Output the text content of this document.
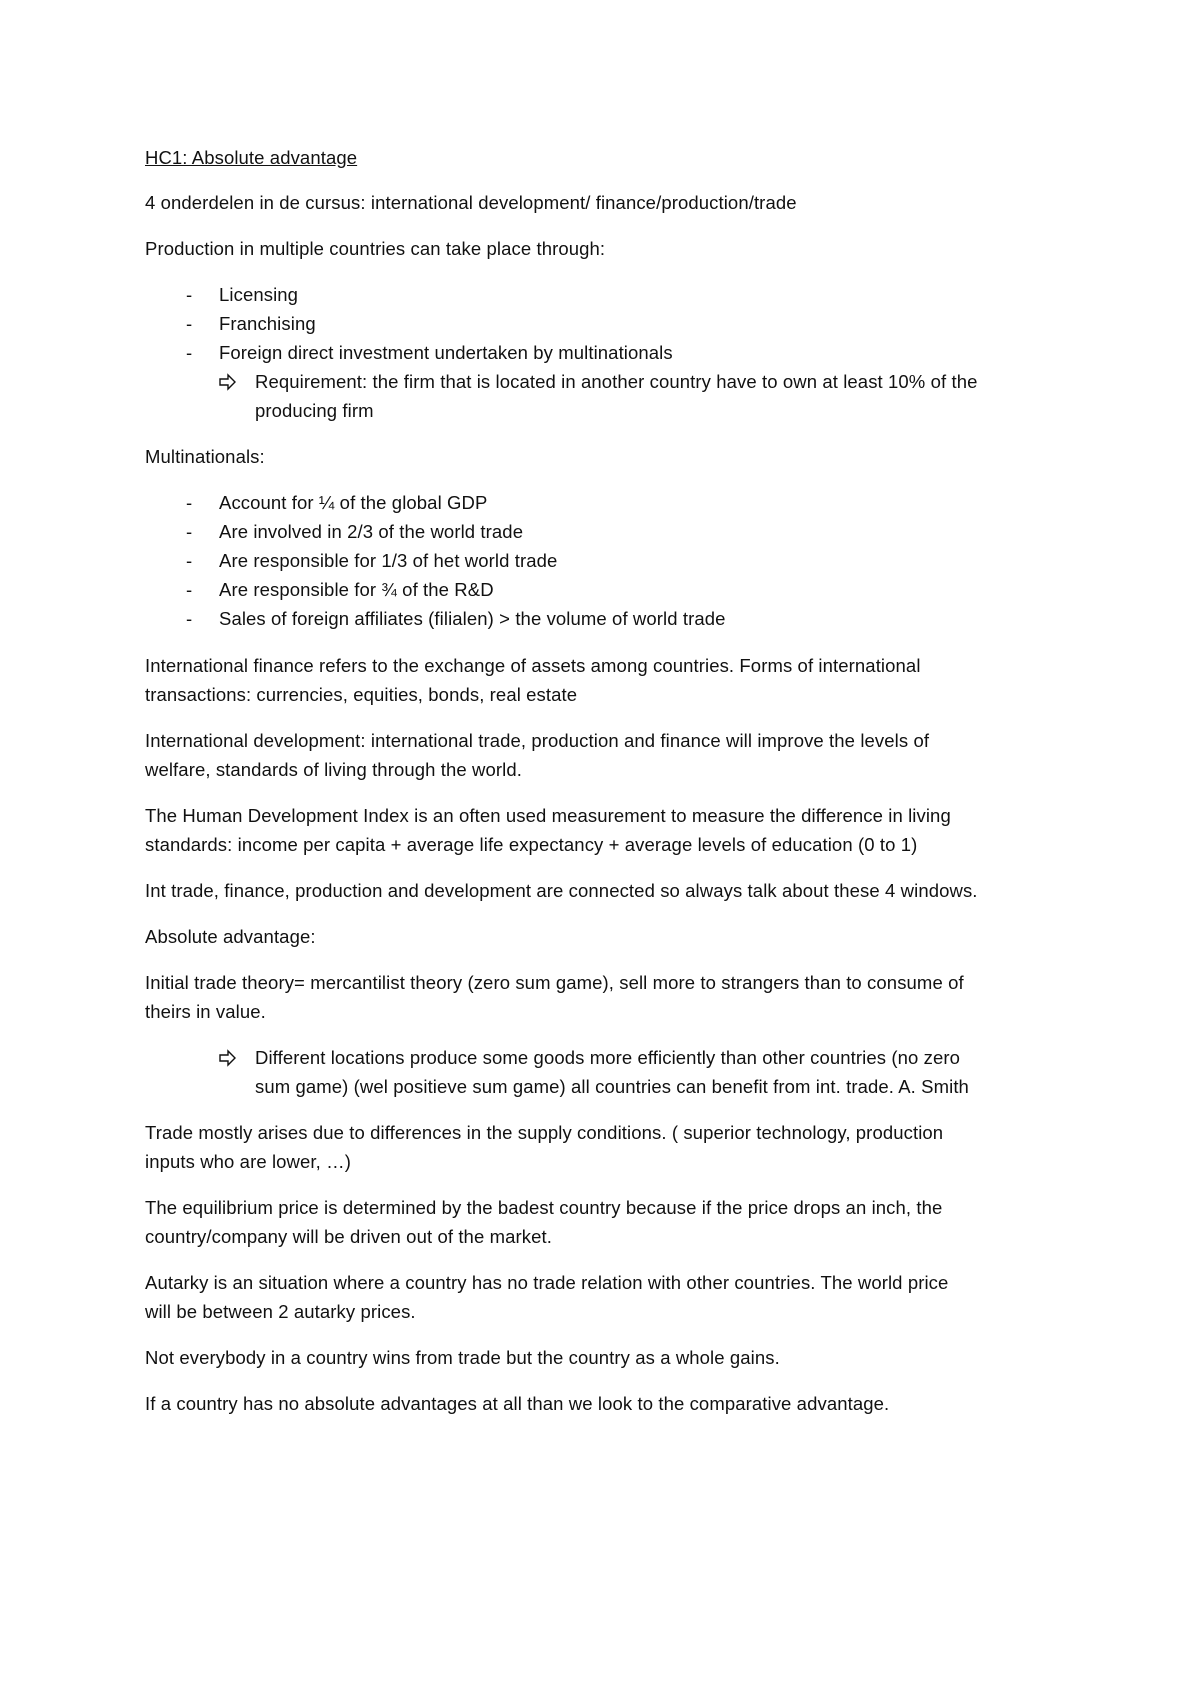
HC1: Absolute advantage
4 onderdelen in de cursus: international development/ finance/production/trade
Production in multiple countries can take place through:
- Licensing
- Franchising
- Foreign direct investment undertaken by multinationals
Requirement: the firm that is located in another country have to own at least 10% of the
producing firm
Multinationals:
- Account for ¼ of the global GDP
- Are involved in 2/3 of the world trade
- Are responsible for 1/3 of het world trade
- Are responsible for ¾ of the R&D
- Sales of foreign affiliates (filialen) > the volume of world trade
International finance refers to the exchange of assets among countries. Forms of international
transactions: currencies, equities, bonds, real estate
International development: international trade, production and finance will improve the levels of
welfare, standards of living through the world.
The Human Development Index is an often used measurement to measure the difference in living
standards: income per capita + average life expectancy + average levels of education (0 to 1)
Int trade, finance, production and development are connected so always talk about these 4 windows.
Absolute advantage:
Initial trade theory= mercantilist theory (zero sum game), sell more to strangers than to consume of
theirs in value.
Different locations produce some goods more efficiently than other countries (no zero
sum game) (wel positieve sum game) all countries can benefit from int. trade. A. Smith
Trade mostly arises due to differences in the supply conditions. ( superior technology, production
inputs who are lower, …)
The equilibrium price is determined by the badest country because if the price drops an inch, the
country/company will be driven out of the market.
Autarky is an situation where a country has no trade relation with other countries. The world price
will be between 2 autarky prices.
Not everybody in a country wins from trade but the country as a whole gains.
If a country has no absolute advantages at all than we look to the comparative advantage.
